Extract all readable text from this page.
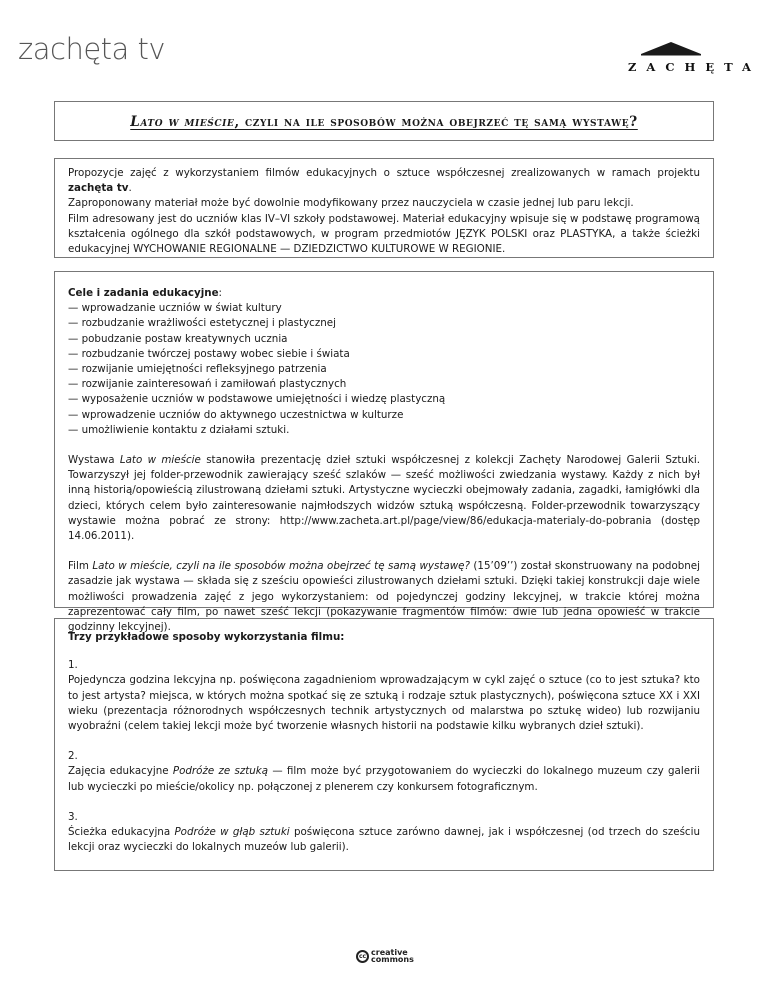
zachęta tv
ZACHĘTA
Lato w mieście, czyli na ile sposobów można obejrzeć tę samą wystawę?

Propozycje zajęć z wykorzystaniem filmów edukacyjnych o sztuce współczesnej zrealizowanych w ramach projektu zachęta tv.

Zaproponowany materiał może być dowolnie modyfikowany przez nauczyciela w czasie jednej lub paru lekcji.

Film adresowany jest do uczniów klas IV–VI szkoły podstawowej. Materiał edukacyjny wpisuje się w podstawę programową kształcenia ogólnego dla szkół podstawowych, w program przedmiotów JĘZYK POLSKI oraz PLASTYKA, a także ścieżki edukacyjnej WYCHOWANIE REGIONALNE — DZIEDZICTWO KULTUROWE W REGIONIE.

Cele i zadania edukacyjne:

— wprowadzanie uczniów w świat kultury
— rozbudzanie wrażliwości estetycznej i plastycznej
— pobudzanie postaw kreatywnych ucznia
— rozbudzanie twórczej postawy wobec siebie i świata
— rozwijanie umiejętności refleksyjnego patrzenia
— rozwijanie zainteresowań i zamiłowań plastycznych
— wyposażenie uczniów w podstawowe umiejętności i wiedzę plastyczną
— wprowadzenie uczniów do aktywnego uczestnictwa w kulturze
— umożliwienie kontaktu z działami sztuki.

Wystawa Lato w mieście stanowiła prezentację dzieł sztuki współczesnej z kolekcji Zachęty Narodowej Galerii Sztuki. Towarzyszył jej folder-przewodnik zawierający sześć szlaków — sześć możliwości zwiedzania wystawy. Każdy z nich był inną historią/opowieścią zilustrowaną dziełami sztuki. Artystyczne wycieczki obejmowały zadania, zagadki, łamigłówki dla dzieci, których celem było zainteresowanie najmłodszych widzów sztuką współczesną. Folder-przewodnik towarzyszący wystawie można pobrać ze strony: http://www.zacheta.art.pl/page/view/86/edukacja-materialy-do-pobrania (dostęp 14.06.2011).

Film Lato w mieście, czyli na ile sposobów można obejrzeć tę samą wystawę? (15’09’’) został skonstruowany na podobnej zasadzie jak wystawa — składa się z sześciu opowieści zilustrowanych dziełami sztuki. Dzięki takiej konstrukcji daje wiele możliwości prowadzenia zajęć z jego wykorzystaniem: od pojedynczej godziny lekcyjnej, w trakcie której można zaprezentować cały film, po nawet sześć lekcji (pokazywanie fragmentów filmów: dwie lub jedna opowieść w trakcie godzinny lekcyjnej).

Trzy przykładowe sposoby wykorzystania filmu:

1.

Pojedyncza godzina lekcyjna np. poświęcona zagadnieniom wprowadzającym w cykl zajęć o sztuce (co to jest sztuka? kto to jest artysta? miejsca, w których można spotkać się ze sztuką i rodzaje sztuk plastycznych), poświęcona sztuce XX i XXI wieku (prezentacja różnorodnych współczesnych technik artystycznych od malarstwa po sztukę wideo) lub rozwijaniu wyobraźni (celem takiej lekcji może być tworzenie własnych historii na podstawie kilku wybranych dzieł sztuki).

2.

Zajęcia edukacyjne Podróże ze sztuką — film może być przygotowaniem do wycieczki do lokalnego muzeum czy galerii lub wycieczki po mieście/okolicy np. połączonej z plenerem czy konkursem fotograficznym.

3.

Ścieżka edukacyjna Podróże w głąb sztuki poświęcona sztuce zarówno dawnej, jak i współczesnej (od trzech do sześciu lekcji oraz wycieczki do lokalnych muzeów lub galerii).

cc creative
commons
